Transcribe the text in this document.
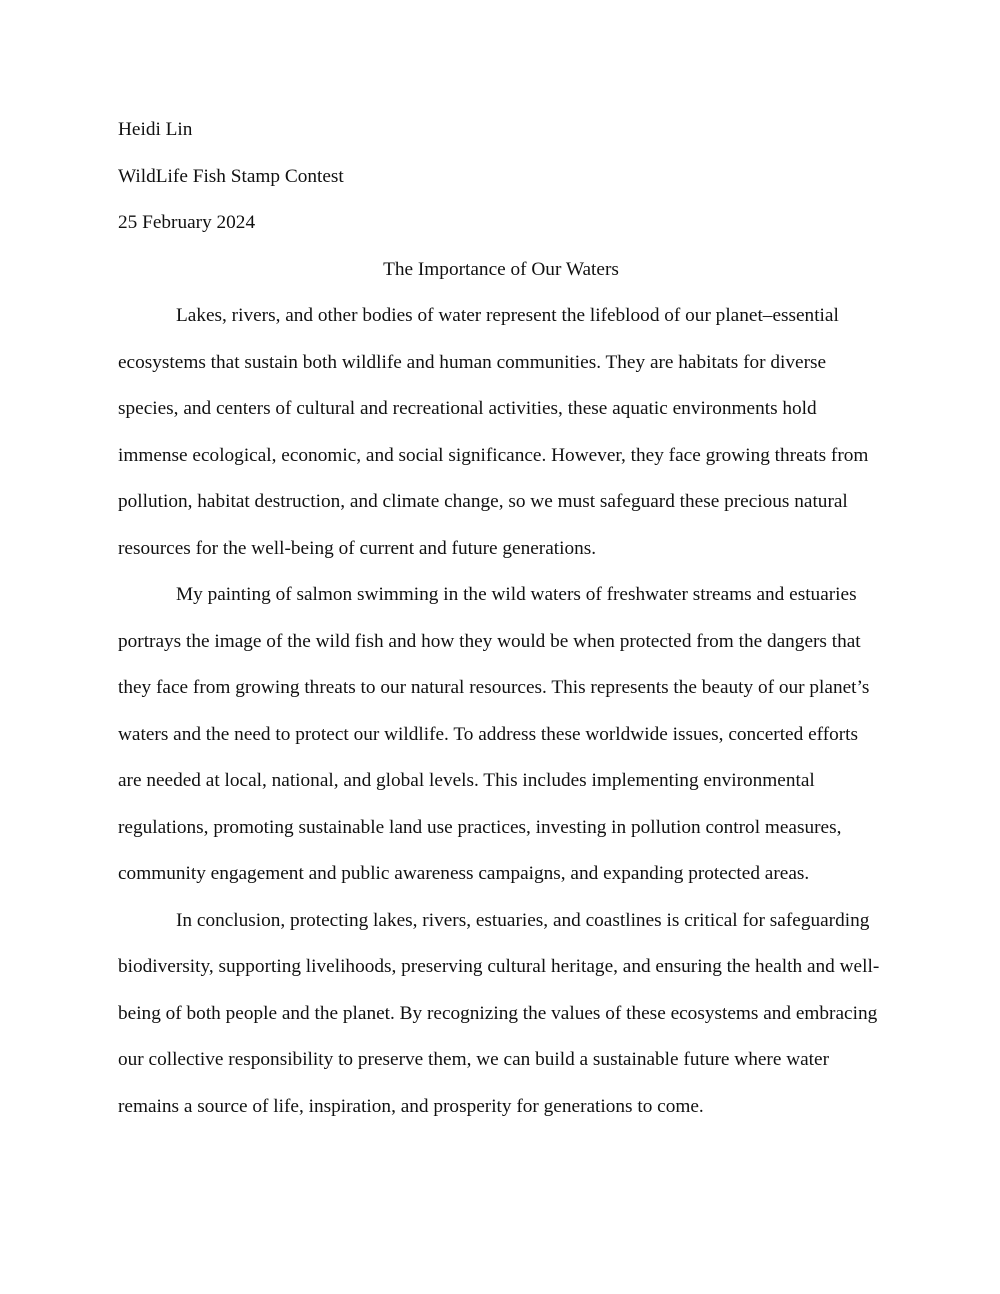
Heidi Lin

WildLife Fish Stamp Contest

25 February 2024

The Importance of Our Waters

Lakes, rivers, and other bodies of water represent the lifeblood of our planet–essential ecosystems that sustain both wildlife and human communities. They are habitats for diverse species, and centers of cultural and recreational activities, these aquatic environments hold immense ecological, economic, and social significance. However, they face growing threats from pollution, habitat destruction, and climate change, so we must safeguard these precious natural resources for the well-being of current and future generations.

My painting of salmon swimming in the wild waters of freshwater streams and estuaries portrays the image of the wild fish and how they would be when protected from the dangers that they face from growing threats to our natural resources. This represents the beauty of our planet’s waters and the need to protect our wildlife. To address these worldwide issues, concerted efforts are needed at local, national, and global levels. This includes implementing environmental regulations, promoting sustainable land use practices, investing in pollution control measures, community engagement and public awareness campaigns, and expanding protected areas.

In conclusion, protecting lakes, rivers, estuaries, and coastlines is critical for safeguarding biodiversity, supporting livelihoods, preserving cultural heritage, and ensuring the health and well-being of both people and the planet. By recognizing the values of these ecosystems and embracing our collective responsibility to preserve them, we can build a sustainable future where water remains a source of life, inspiration, and prosperity for generations to come.
